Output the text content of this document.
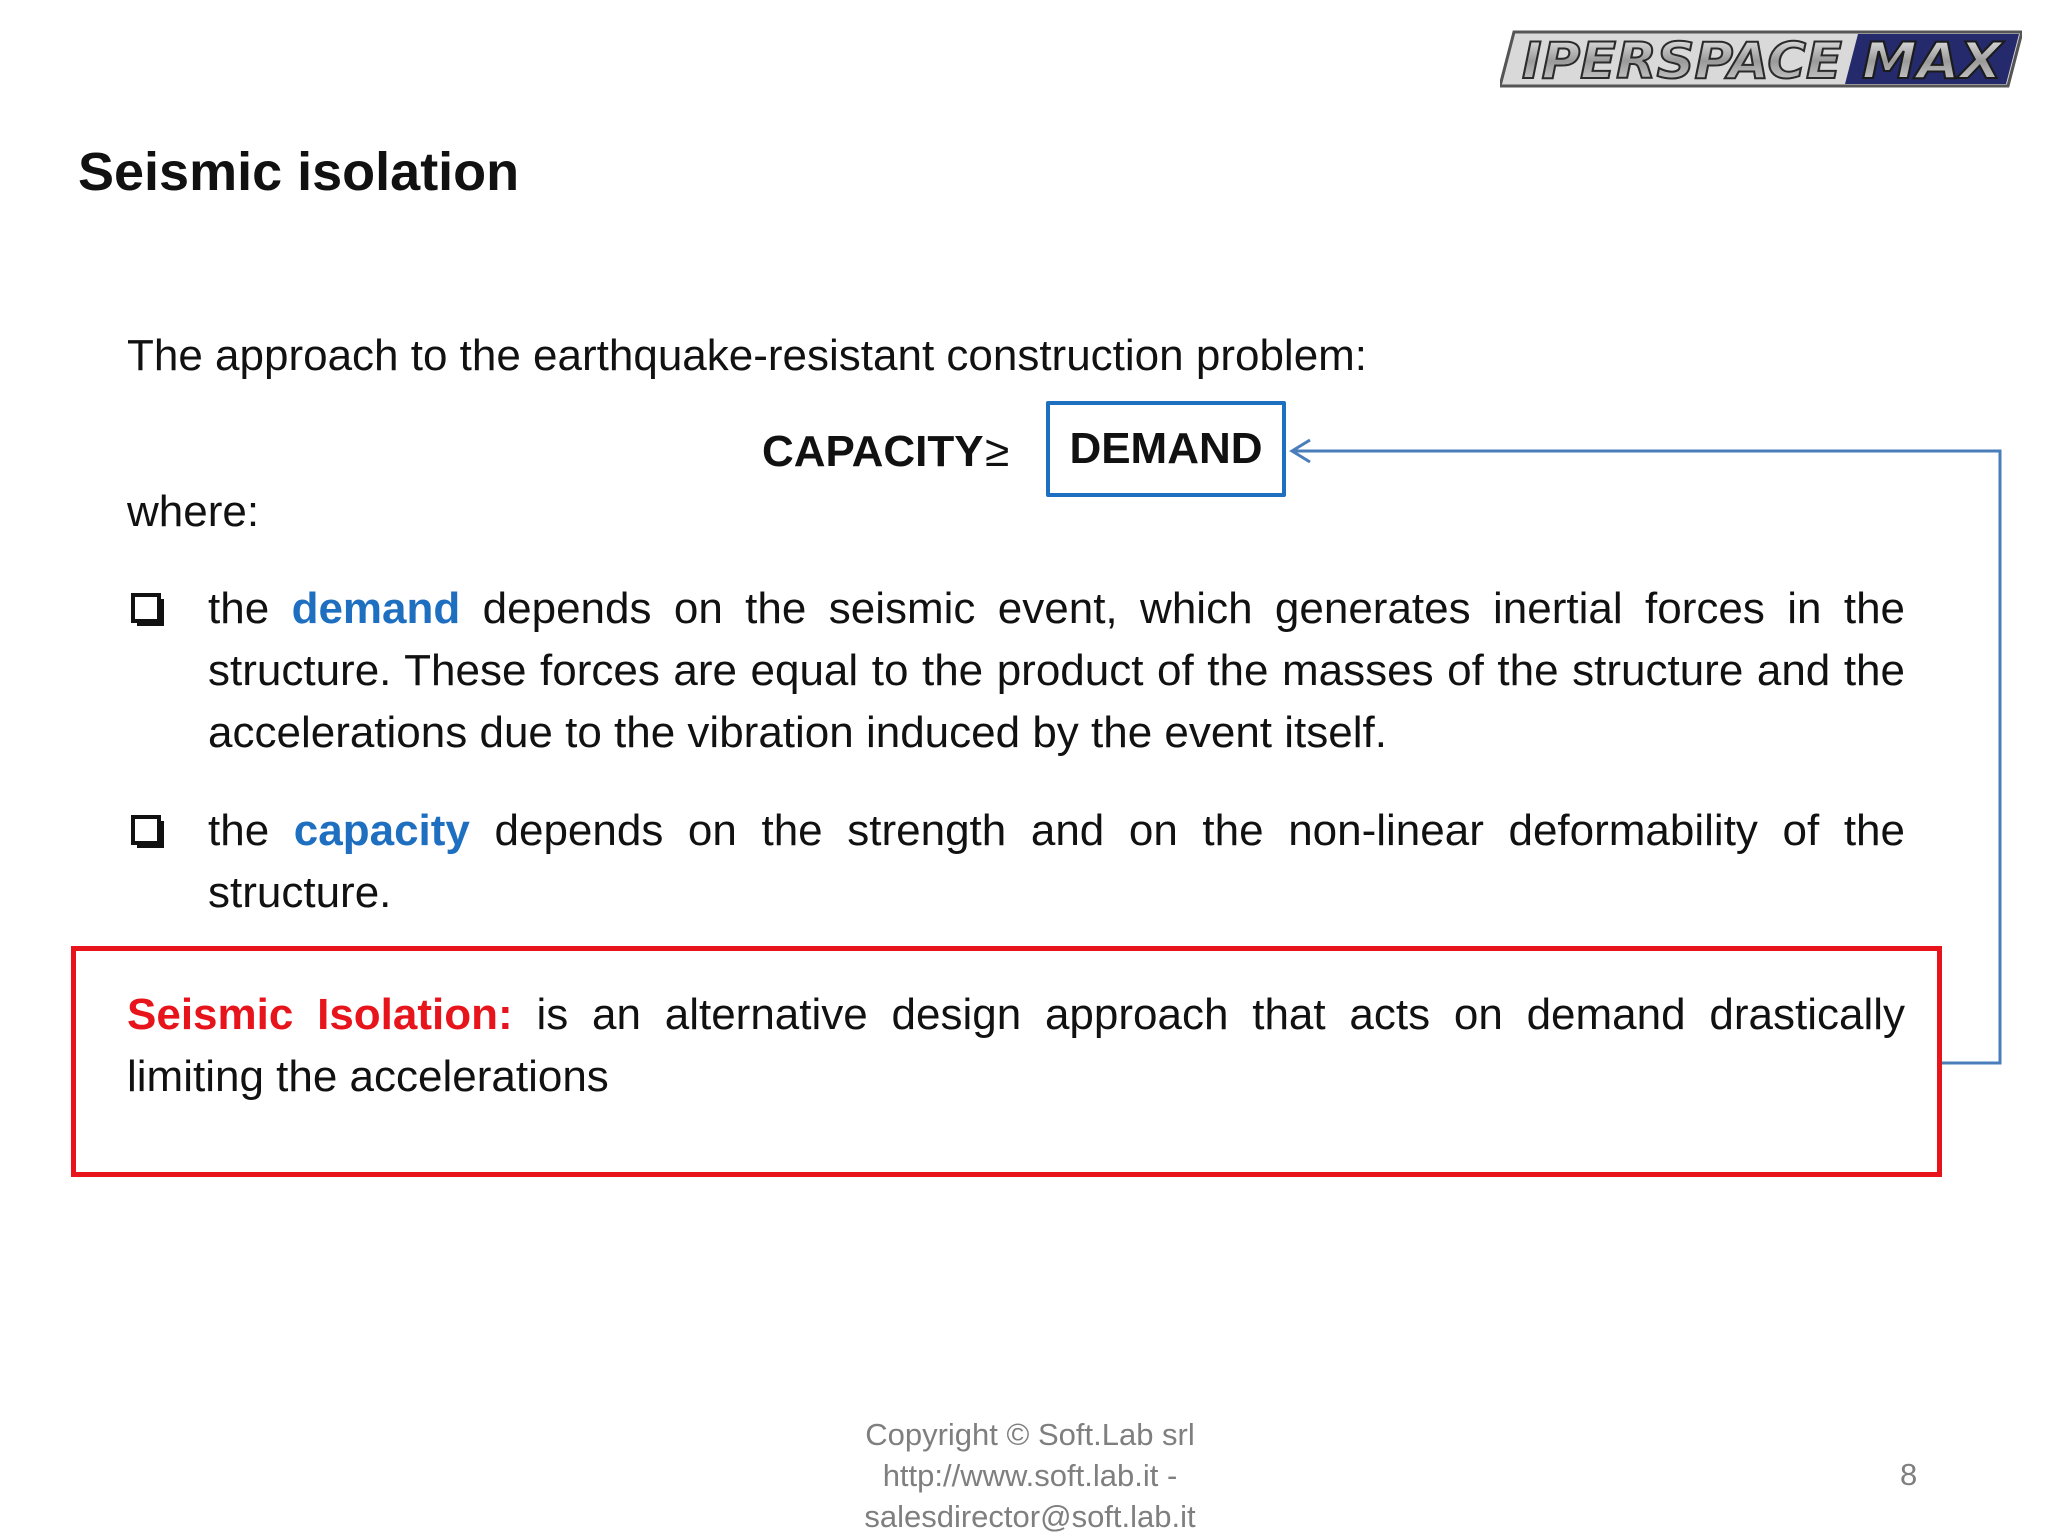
IPERSPACE MAX
Seismic isolation
The approach to the earthquake-resistant construction problem:
CAPACITY ≥ DEMAND
where:
the demand depends on the seismic event, which generates inertial forces in the structure. These forces are equal to the product of the masses of the structure and the accelerations due to the vibration induced by the event itself.
the capacity depends on the strength and on the non-linear deformability of the structure.
Seismic Isolation: is an alternative design approach that acts on demand drastically limiting the accelerations
Copyright © Soft.Lab srl
http://www.soft.lab.it -
salesdirector@soft.lab.it
8
